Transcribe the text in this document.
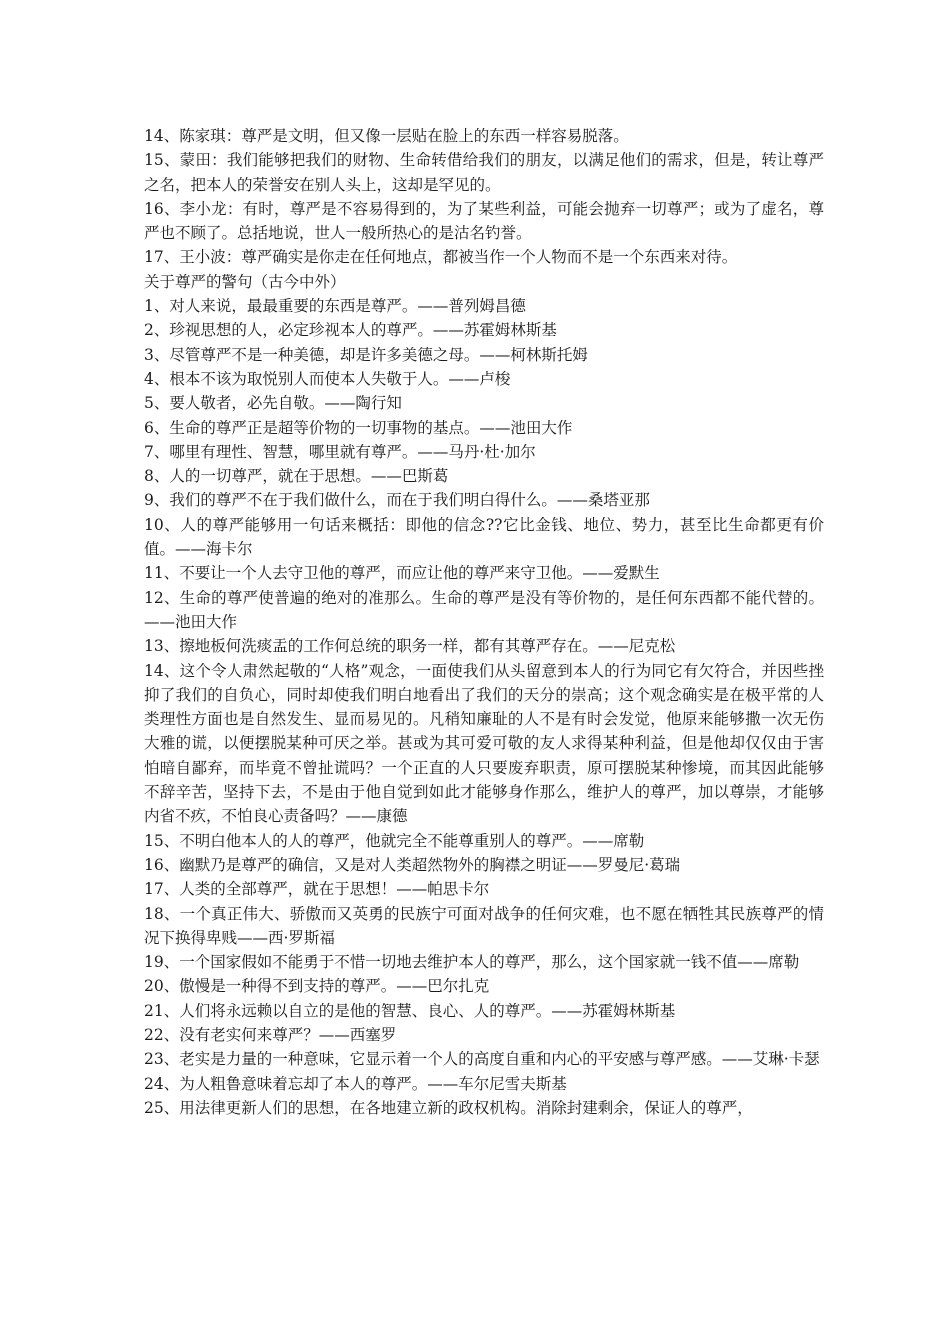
14、陈家琪：尊严是文明，但又像一层贴在脸上的东西一样容易脱落。

15、蒙田：我们能够把我们的财物、生命转借给我们的朋友，以满足他们的需求，但是，转让尊严之名，把本人的荣誉安在别人头上，这却是罕见的。

16、李小龙：有时，尊严是不容易得到的，为了某些利益，可能会抛弃一切尊严；或为了虚名，尊严也不顾了。总括地说，世人一般所热心的是沽名钓誉。

17、王小波：尊严确实是你走在任何地点，都被当作一个人物而不是一个东西来对待。

关于尊严的警句（古今中外）

1、对人来说，最最重要的东西是尊严。——普列姆昌德

2、珍视思想的人，必定珍视本人的尊严。——苏霍姆林斯基

3、尽管尊严不是一种美德，却是许多美德之母。——柯林斯托姆

4、根本不该为取悦别人而使本人失敬于人。——卢梭

5、要人敬者，必先自敬。——陶行知

6、生命的尊严正是超等价物的一切事物的基点。——池田大作

7、哪里有理性、智慧，哪里就有尊严。——马丹·杜·加尔

8、人的一切尊严，就在于思想。——巴斯葛

9、我们的尊严不在于我们做什么，而在于我们明白得什么。——桑塔亚那

10、人的尊严能够用一句话来概括：即他的信念??它比金钱、地位、势力，甚至比生命都更有价值。——海卡尔

11、不要让一个人去守卫他的尊严，而应让他的尊严来守卫他。——爱默生

12、生命的尊严使普遍的绝对的准那么。生命的尊严是没有等价物的，是任何东西都不能代替的。——池田大作

13、擦地板何洗痰盂的工作何总统的职务一样，都有其尊严存在。——尼克松

14、这个令人肃然起敬的“人格”观念，一面使我们从头留意到本人的行为同它有欠符合，并因些挫抑了我们的自负心，同时却使我们明白地看出了我们的天分的崇高；这个观念确实是在极平常的人类理性方面也是自然发生、显而易见的。凡稍知廉耻的人不是有时会发觉，他原来能够撒一次无伤大雅的谎，以便摆脱某种可厌之举。甚或为其可爱可敬的友人求得某种利益，但是他却仅仅由于害怕暗自鄙弃，而毕竟不曾扯谎吗？一个正直的人只要废弃职责，原可摆脱某种惨境，而其因此能够不辞辛苦，坚持下去，不是由于他自觉到如此才能够身作那么，维护人的尊严，加以尊崇，才能够内省不疚，不怕良心责备吗？——康德

15、不明白他本人的人的尊严，他就完全不能尊重别人的尊严。——席勒

16、幽默乃是尊严的确信，又是对人类超然物外的胸襟之明证——罗曼尼·葛瑞

17、人类的全部尊严，就在于思想！——帕思卡尔

18、一个真正伟大、骄傲而又英勇的民族宁可面对战争的任何灾难，也不愿在牺牲其民族尊严的情况下换得卑贱——西·罗斯福

19、一个国家假如不能勇于不惜一切地去维护本人的尊严，那么，这个国家就一钱不值——席勒

20、傲慢是一种得不到支持的尊严。——巴尔扎克

21、人们将永远赖以自立的是他的智慧、良心、人的尊严。——苏霍姆林斯基

22、没有老实何来尊严？——西塞罗

23、老实是力量的一种意味，它显示着一个人的高度自重和内心的平安感与尊严感。——艾琳·卡瑟

24、为人粗鲁意味着忘却了本人的尊严。——车尔尼雪夫斯基

25、用法律更新人们的思想，在各地建立新的政权机构。消除封建剩余，保证人的尊严，
